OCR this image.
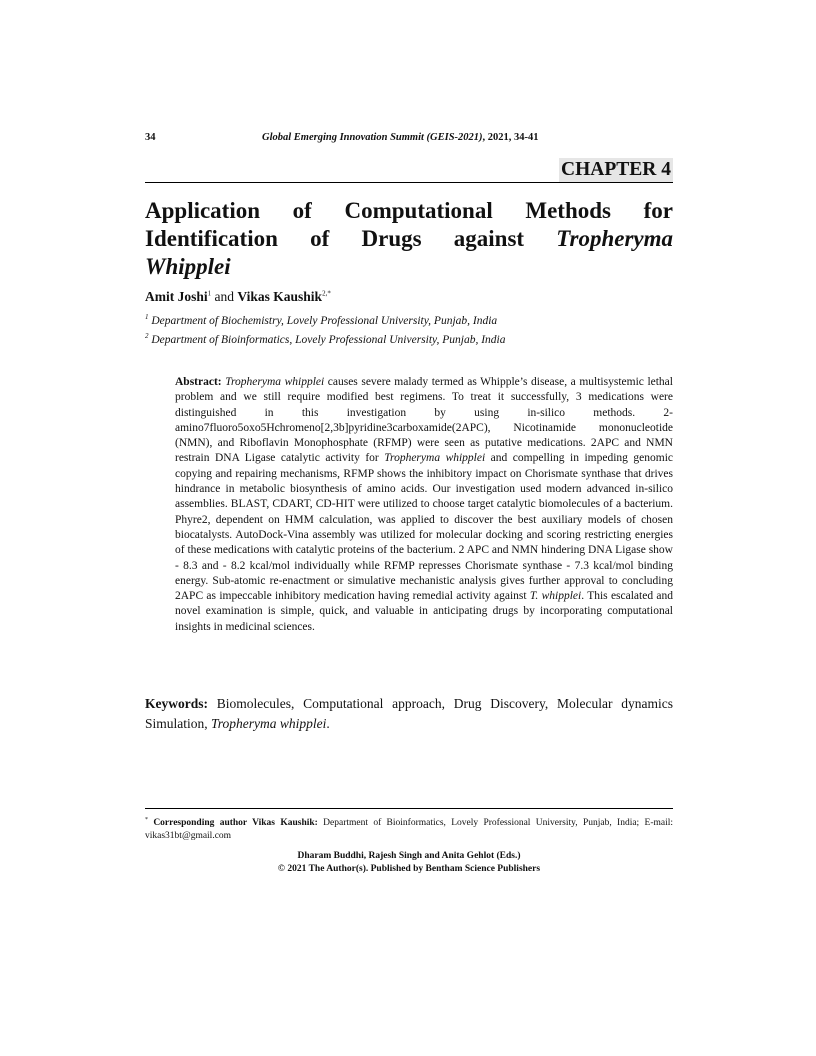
34	Global Emerging Innovation Summit (GEIS-2021), 2021, 34-41
CHAPTER 4
Application of Computational Methods for
Identification of Drugs against Tropheryma
Whipplei
Amit Joshi$^1$ and Vikas Kaushik$^{2,*}$
$^1$ Department of Biochemistry, Lovely Professional University, Punjab, India
$^2$ Department of Bioinformatics, Lovely Professional University, Punjab, India

Abstract: Tropheryma whipplei causes severe malady termed as Whipple’s disease, a multisystemic lethal problem and we still require modified best regimens. To treat it successfully, 3 medications were distinguished in this investigation by using in-silico methods. 2-amino7fluoro5oxo5Hchromeno[2,3b]pyridine3carboxamide(2APC), Nicotinamide mononucleotide (NMN), and Riboflavin Monophosphate (RFMP) were seen as putative medications. 2APC and NMN restrain DNA Ligase catalytic activity for Tropheryma whipplei and compelling in impeding genomic copying and repairing mechanisms, RFMP shows the inhibitory impact on Chorismate synthase that drives hindrance in metabolic biosynthesis of amino acids. Our investigation used modern advanced in-silico assemblies. BLAST, CDART, CD-HIT were utilized to choose target catalytic biomolecules of a bacterium. Phyre2, dependent on HMM calculation, was applied to discover the best auxiliary models of chosen biocatalysts. AutoDock-Vina assembly was utilized for molecular docking and scoring restricting energies of these medications with catalytic proteins of the bacterium. 2 APC and NMN hindering DNA Ligase show - 8.3 and - 8.2 kcal/mol individually while RFMP represses Chorismate synthase - 7.3 kcal/mol binding energy. Sub-atomic re-enactment or simulative mechanistic analysis gives further approval to concluding 2APC as impeccable inhibitory medication having remedial activity against T. whipplei. This escalated and novel examination is simple, quick, and valuable in anticipating drugs by incorporating computational insights in medicinal sciences.

Keywords: Biomolecules, Computational approach, Drug Discovery, Molecular dynamics Simulation, Tropheryma whipplei.

* Corresponding author Vikas Kaushik: Department of Bioinformatics, Lovely Professional University, Punjab, India; E-mail: vikas31bt@gmail.com

Dharam Buddhi, Rajesh Singh and Anita Gehlot (Eds.)
© 2021 The Author(s). Published by Bentham Science Publishers
